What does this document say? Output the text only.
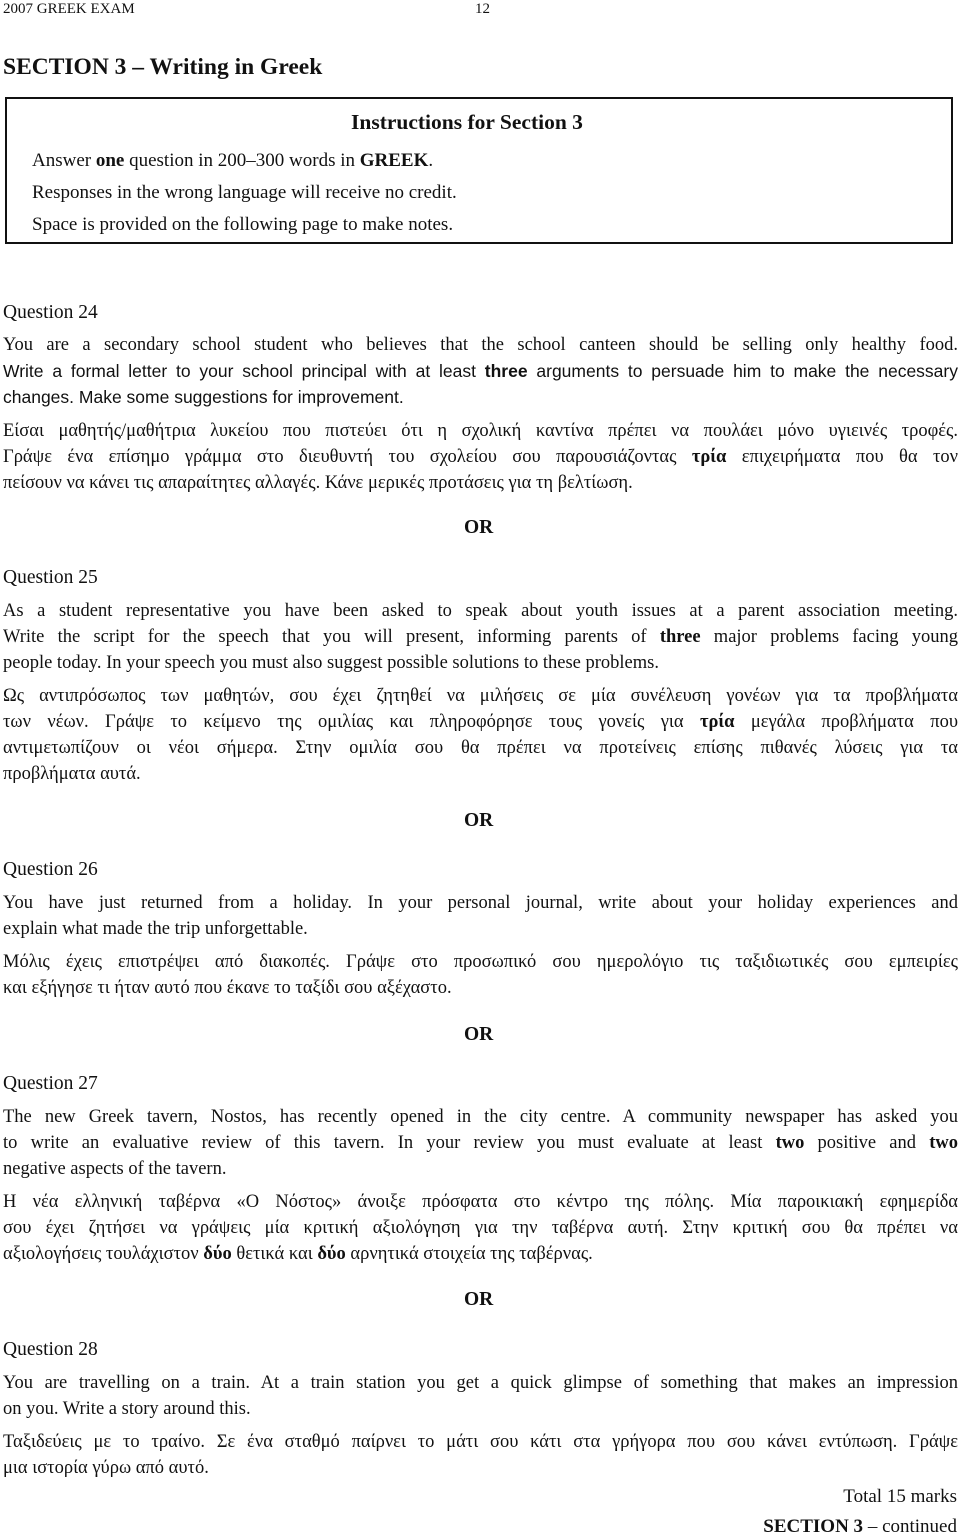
2007 GREEK EXAM	12
SECTION 3 – Writing in Greek
Instructions for Section 3
Answer one question in 200–300 words in GREEK.
Responses in the wrong language will receive no credit.
Space is provided on the following page to make notes.
Question 24
You are a secondary school student who believes that the school canteen should be selling only healthy food.
Write a formal letter to your school principal with at least three arguments to persuade him to make the necessary
changes. Make some suggestions for improvement.
Είσαι μαθητής/μαθήτρια λυκείου που πιστεύει ότι η σχολική καντίνα πρέπει να πουλάει μόνο υγιεινές τροφές.
Γράψε ένα επίσημο γράμμα στο διευθυντή του σχολείου σου παρουσιάζοντας τρία επιχειρήματα που θα τον
πείσουν να κάνει τις απαραίτητες αλλαγές. Κάνε μερικές προτάσεις για τη βελτίωση.
OR
Question 25
As a student representative you have been asked to speak about youth issues at a parent association meeting.
Write the script for the speech that you will present, informing parents of three major problems facing young
people today. In your speech you must also suggest possible solutions to these problems.
Ως αντιπρόσωπος των μαθητών, σου έχει ζητηθεί να μιλήσεις σε μία συνέλευση γονέων για τα προβλήματα
των νέων. Γράψε το κείμενο της ομιλίας και πληροφόρησε τους γονείς για τρία μεγάλα προβλήματα που
αντιμετωπίζουν οι νέοι σήμερα. Στην ομιλία σου θα πρέπει να προτείνεις επίσης πιθανές λύσεις για τα
προβλήματα αυτά.
OR
Question 26
You have just returned from a holiday. In your personal journal, write about your holiday experiences and
explain what made the trip unforgettable.
Μόλις έχεις επιστρέψει από διακοπές. Γράψε στο προσωπικό σου ημερολόγιο τις ταξιδιωτικές σου εμπειρίες
και εξήγησε τι ήταν αυτό που έκανε το ταξίδι σου αξέχαστο.
OR
Question 27
The new Greek tavern, Nostos, has recently opened in the city centre. A community newspaper has asked you
to write an evaluative review of this tavern. In your review you must evaluate at least two positive and two
negative aspects of the tavern.
Η νέα ελληνική ταβέρνα «Ο Νόστος» άνοιξε πρόσφατα στο κέντρο της πόλης. Μία παροικιακή εφημερίδα
σου έχει ζητήσει να γράψεις μία κριτική αξιολόγηση για την ταβέρνα αυτή. Στην κριτική σου θα πρέπει να
αξιολογήσεις τουλάχιστον δύο θετικά και δύο αρνητικά στοιχεία της ταβέρνας.
OR
Question 28
You are travelling on a train. At a train station you get a quick glimpse of something that makes an impression
on you. Write a story around this.
Ταξιδεύεις με το τραίνο. Σε ένα σταθμό παίρνει το μάτι σου κάτι στα γρήγορα που σου κάνει εντύπωση. Γράψε
μια ιστορία γύρω από αυτό.
Total 15 marks
SECTION 3 – continued
